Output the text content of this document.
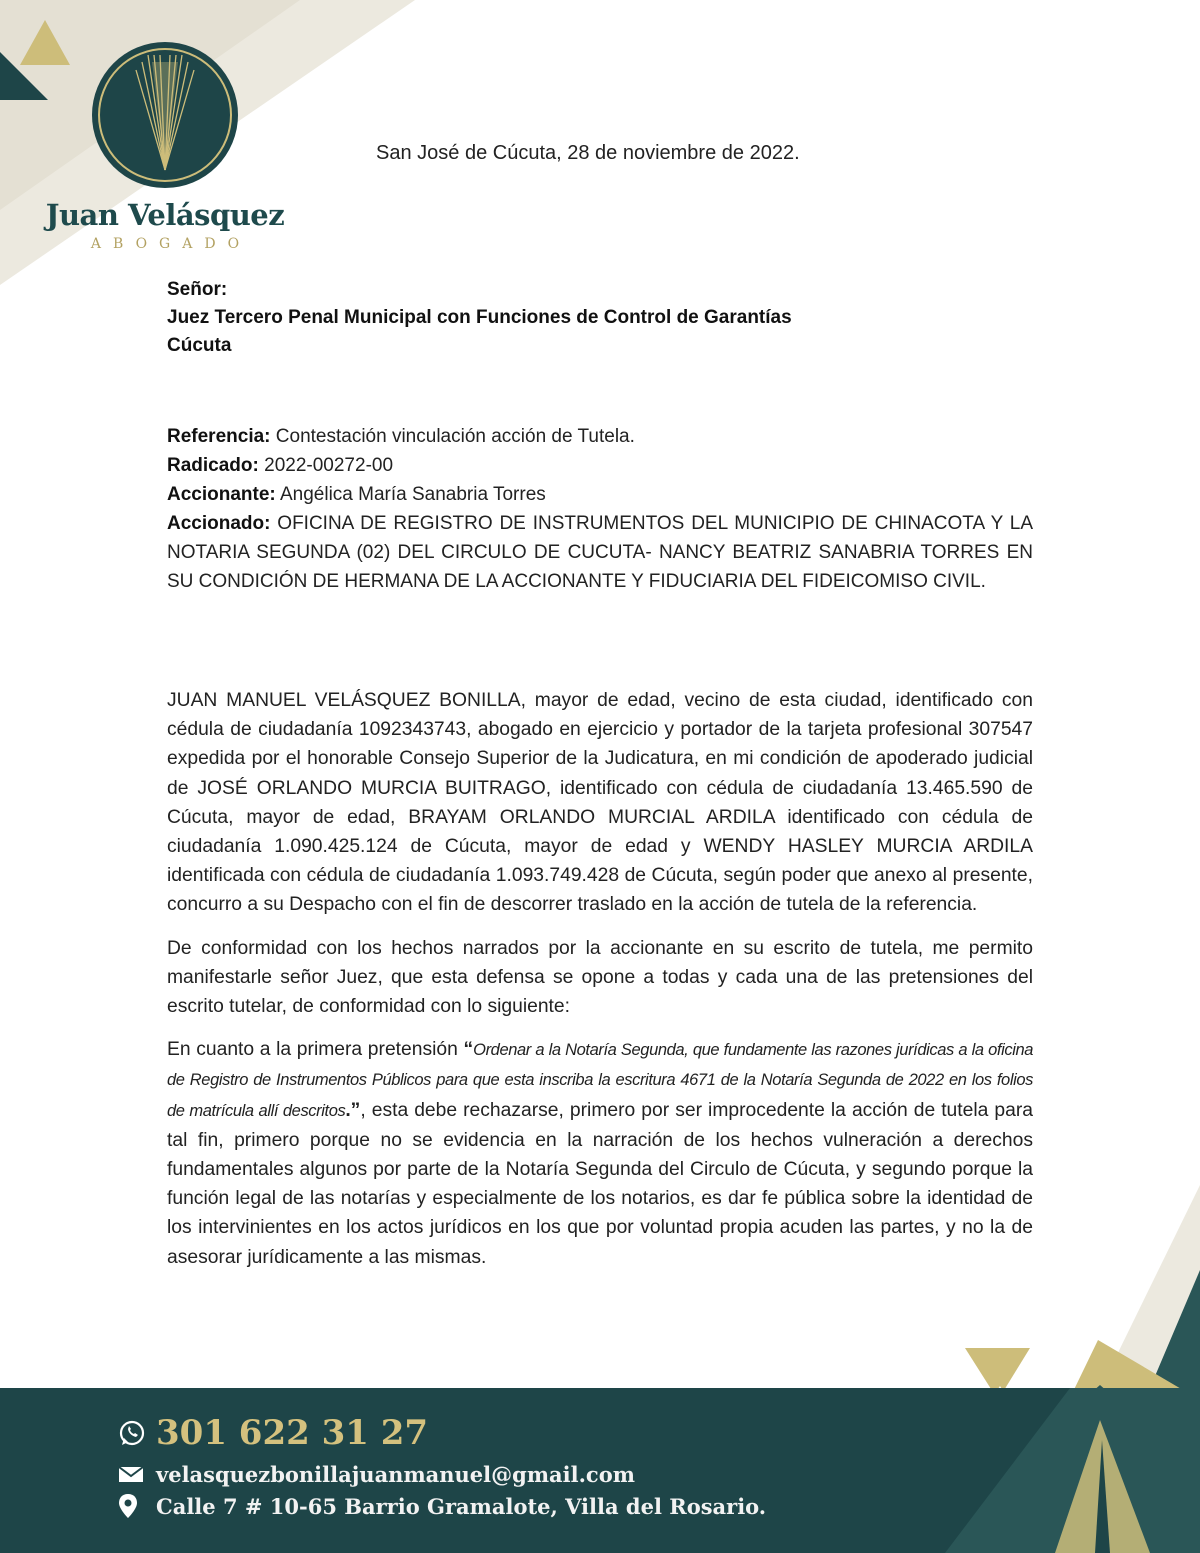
Juan Velásquez
ABOGADO
San José de Cúcuta, 28 de noviembre de 2022.
Señor:
Juez Tercero Penal Municipal con Funciones de Control de Garantías
Cúcuta

Referencia: Contestación vinculación acción de Tutela.

Radicado: 2022-00272-00

Accionante: Angélica María Sanabria Torres

Accionado: OFICINA DE REGISTRO DE INSTRUMENTOS DEL MUNICIPIO DE CHINACOTA Y LA NOTARIA SEGUNDA (02) DEL CIRCULO DE CUCUTA- NANCY BEATRIZ SANABRIA TORRES EN SU CONDICIÓN DE HERMANA DE LA ACCIONANTE Y FIDUCIARIA DEL FIDEICOMISO CIVIL.

JUAN MANUEL VELÁSQUEZ BONILLA, mayor de edad, vecino de esta ciudad, identificado con cédula de ciudadanía 1092343743, abogado en ejercicio y portador de la tarjeta profesional 307547 expedida por el honorable Consejo Superior de la Judicatura, en mi condición de apoderado judicial de JOSÉ ORLANDO MURCIA BUITRAGO, identificado con cédula de ciudadanía 13.465.590 de Cúcuta, mayor de edad, BRAYAM ORLANDO MURCIAL ARDILA identificado con cédula de ciudadanía 1.090.425.124 de Cúcuta, mayor de edad y WENDY HASLEY MURCIA ARDILA identificada con cédula de ciudadanía 1.093.749.428 de Cúcuta, según poder que anexo al presente, concurro a su Despacho con el fin de descorrer traslado en la acción de tutela de la referencia.

De conformidad con los hechos narrados por la accionante en su escrito de tutela, me permito manifestarle señor Juez, que esta defensa se opone a todas y cada una de las pretensiones del escrito tutelar, de conformidad con lo siguiente:

En cuanto a la primera pretensión “Ordenar a la Notaría Segunda, que fundamente las razones jurídicas a la oficina de Registro de Instrumentos Públicos para que esta inscriba la escritura 4671 de la Notaría Segunda de 2022 en los folios de matrícula allí descritos.”, esta debe rechazarse, primero por ser improcedente la acción de tutela para tal fin, primero porque no se evidencia en la narración de los hechos vulneración a derechos fundamentales algunos por parte de la Notaría Segunda del Circulo de Cúcuta, y segundo porque la función legal de las notarías y especialmente de los notarios, es dar fe pública sobre la identidad de los intervinientes en los actos jurídicos en los que por voluntad propia acuden las partes, y no la de asesorar jurídicamente a las mismas.

301 622 31 27
velasquezbonillajuanmanuel@gmail.com
Calle 7 # 10-65 Barrio Gramalote, Villa del Rosario.
